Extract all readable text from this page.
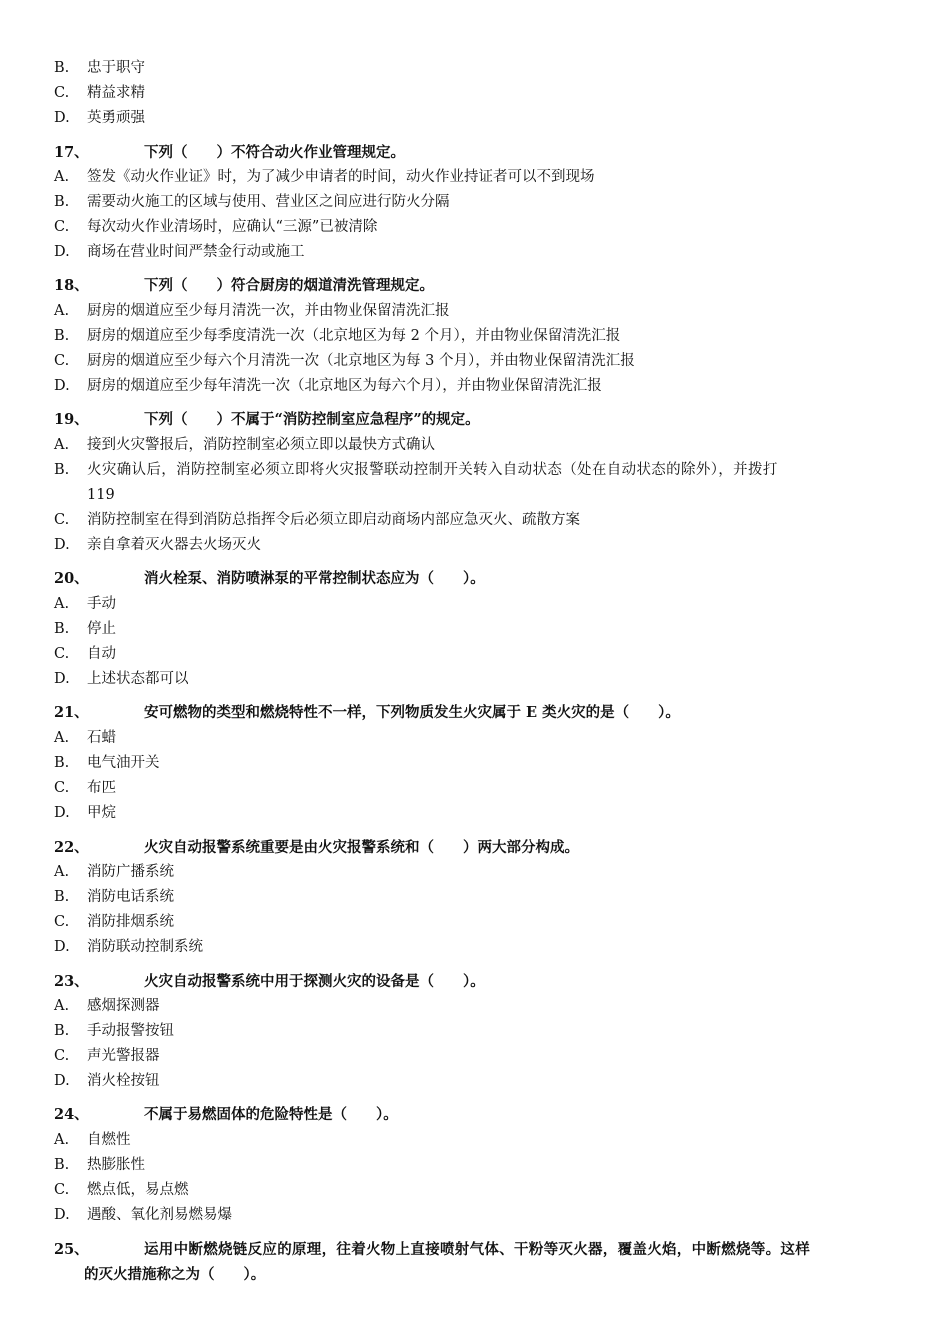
B. 忠于职守
C. 精益求精
D. 英勇顽强
17、	下列（　　）不符合动火作业管理规定。
A. 签发《动火作业证》时，为了减少申请者的时间，动火作业持证者可以不到现场
B. 需要动火施工的区域与使用、营业区之间应进行防火分隔
C. 每次动火作业清场时，应确认“三源”已被清除
D. 商场在营业时间严禁金行动或施工
18、	下列（　　）符合厨房的烟道清洗管理规定。
A. 厨房的烟道应至少每月清洗一次，并由物业保留清洗汇报
B. 厨房的烟道应至少每季度清洗一次（北京地区为每 2 个月），并由物业保留清洗汇报
C. 厨房的烟道应至少每六个月清洗一次（北京地区为每 3 个月），并由物业保留清洗汇报
D. 厨房的烟道应至少每年清洗一次（北京地区为每六个月），并由物业保留清洗汇报
19、	下列（　　）不属于“消防控制室应急程序”的规定。
A. 接到火灾警报后，消防控制室必须立即以最快方式确认
B. 火灾确认后，消防控制室必须立即将火灾报警联动控制开关转入自动状态（处在自动状态的除外），并拨打
119
C. 消防控制室在得到消防总指挥令后必须立即启动商场内部应急灭火、疏散方案
D. 亲自拿着灭火器去火场灭火
20、	消火栓泵、消防喷淋泵的平常控制状态应为（　　）。
A. 手动
B. 停止
C. 自动
D. 上述状态都可以
21、	安可燃物的类型和燃烧特性不一样，下列物质发生火灾属于 E 类火灾的是（　　）。
A. 石蜡
B. 电气油开关
C. 布匹
D. 甲烷
22、	火灾自动报警系统重要是由火灾报警系统和（　　）两大部分构成。
A. 消防广播系统
B. 消防电话系统
C. 消防排烟系统
D. 消防联动控制系统
23、	火灾自动报警系统中用于探测火灾的设备是（　　）。
A. 感烟探测器
B. 手动报警按钮
C. 声光警报器
D. 消火栓按钮
24、	不属于易燃固体的危险特性是（　　）。
A. 自燃性
B. 热膨胀性
C. 燃点低，易点燃
D. 遇酸、氧化剂易燃易爆
25、	运用中断燃烧链反应的原理，往着火物上直接喷射气体、干粉等灭火器，覆盖火焰，中断燃烧等。这样
的灭火措施称之为（　　）。
